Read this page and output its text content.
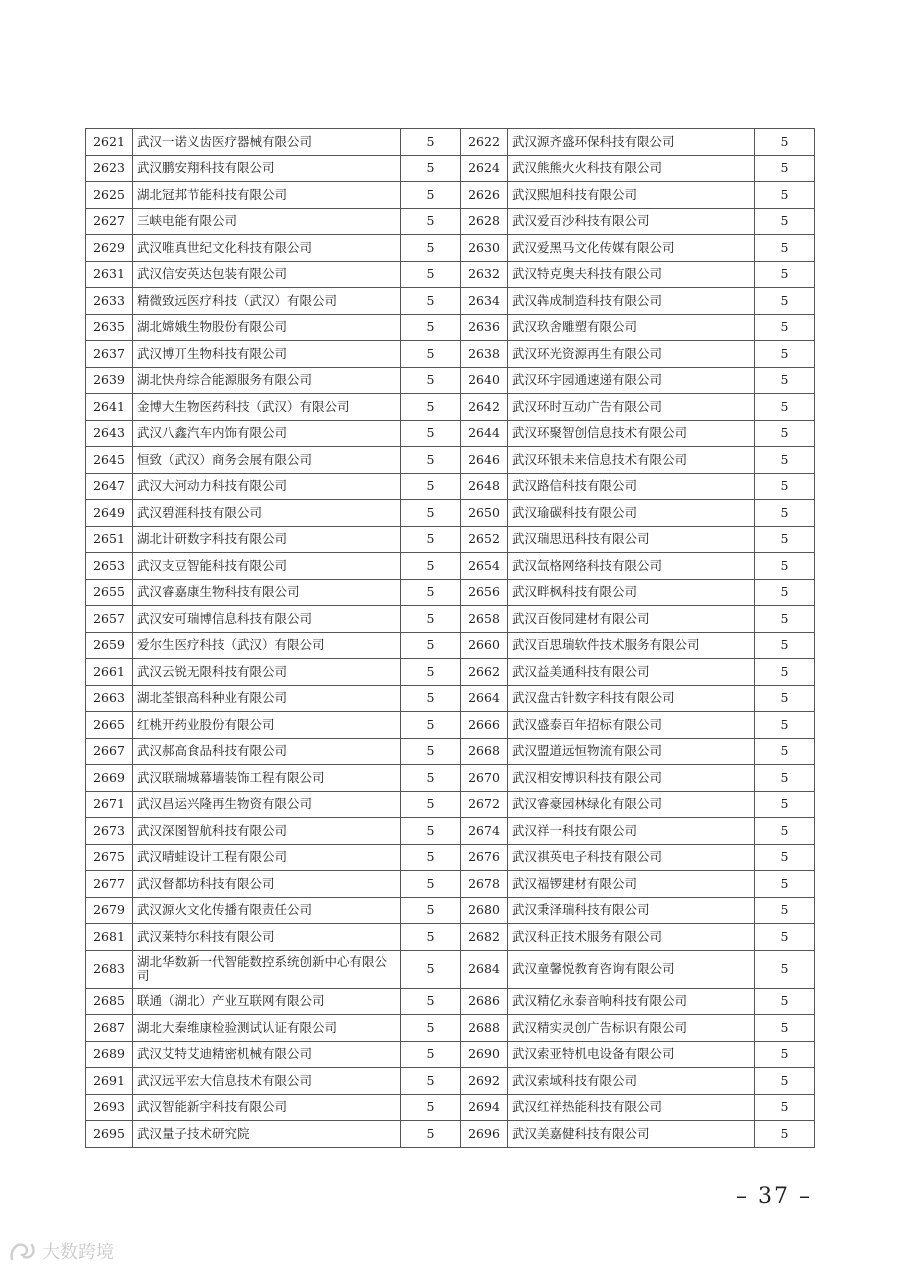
2621	武汉一诺义齿医疗器械有限公司	5	2622	武汉源齐盛环保科技有限公司	5
2623	武汉鹏安翔科技有限公司	5	2624	武汉熊熊火火科技有限公司	5
2625	湖北冠邦节能科技有限公司	5	2626	武汉熙旭科技有限公司	5
2627	三峡电能有限公司	5	2628	武汉爱百沙科技有限公司	5
2629	武汉唯真世纪文化科技有限公司	5	2630	武汉爱黑马文化传媒有限公司	5
2631	武汉信安英达包装有限公司	5	2632	武汉特克奥夫科技有限公司	5
2633	精微致远医疗科技（武汉）有限公司	5	2634	武汉犇成制造科技有限公司	5
2635	湖北嫦娥生物股份有限公司	5	2636	武汉玖舍雕塑有限公司	5
2637	武汉博丌生物科技有限公司	5	2638	武汉环光资源再生有限公司	5
2639	湖北快舟综合能源服务有限公司	5	2640	武汉环宇园通速递有限公司	5
2641	金博大生物医药科技（武汉）有限公司	5	2642	武汉环时互动广告有限公司	5
2643	武汉八鑫汽车内饰有限公司	5	2644	武汉环聚智创信息技术有限公司	5
2645	恒致（武汉）商务会展有限公司	5	2646	武汉环银未来信息技术有限公司	5
2647	武汉大河动力科技有限公司	5	2648	武汉路信科技有限公司	5
2649	武汉碧涯科技有限公司	5	2650	武汉瑜碳科技有限公司	5
2651	湖北计研数字科技有限公司	5	2652	武汉瑞思迅科技有限公司	5
2653	武汉支豆智能科技有限公司	5	2654	武汉氙格网络科技有限公司	5
2655	武汉睿嘉康生物科技有限公司	5	2656	武汉畔枫科技有限公司	5
2657	武汉安可瑞博信息科技有限公司	5	2658	武汉百俊同建材有限公司	5
2659	爱尔生医疗科技（武汉）有限公司	5	2660	武汉百思瑞软件技术服务有限公司	5
2661	武汉云锐无限科技有限公司	5	2662	武汉益美通科技有限公司	5
2663	湖北荃银高科种业有限公司	5	2664	武汉盘古针数字科技有限公司	5
2665	红桃开药业股份有限公司	5	2666	武汉盛泰百年招标有限公司	5
2667	武汉郝高食品科技有限公司	5	2668	武汉盟道远恒物流有限公司	5
2669	武汉联瑞城幕墙装饰工程有限公司	5	2670	武汉相安博识科技有限公司	5
2671	武汉昌运兴隆再生物资有限公司	5	2672	武汉睿豪园林绿化有限公司	5
2673	武汉深图智航科技有限公司	5	2674	武汉祥一科技有限公司	5
2675	武汉晴蛙设计工程有限公司	5	2676	武汉祺英电子科技有限公司	5
2677	武汉督都坊科技有限公司	5	2678	武汉福锣建材有限公司	5
2679	武汉源火文化传播有限责任公司	5	2680	武汉秉泽瑞科技有限公司	5
2681	武汉莱特尔科技有限公司	5	2682	武汉科正技术服务有限公司	5
2683	湖北华数新一代智能数控系统创新中心有限公司	5	2684	武汉童馨悦教育咨询有限公司	5
2685	联通（湖北）产业互联网有限公司	5	2686	武汉精亿永泰音响科技有限公司	5
2687	湖北大秦维康检验测试认证有限公司	5	2688	武汉精实灵创广告标识有限公司	5
2689	武汉艾特艾迪精密机械有限公司	5	2690	武汉索亚特机电设备有限公司	5
2691	武汉远平宏大信息技术有限公司	5	2692	武汉索域科技有限公司	5
2693	武汉智能新宇科技有限公司	5	2694	武汉红祥热能科技有限公司	5
2695	武汉量子技术研究院	5	2696	武汉美嘉健科技有限公司	5
– 37 –
大数跨境
